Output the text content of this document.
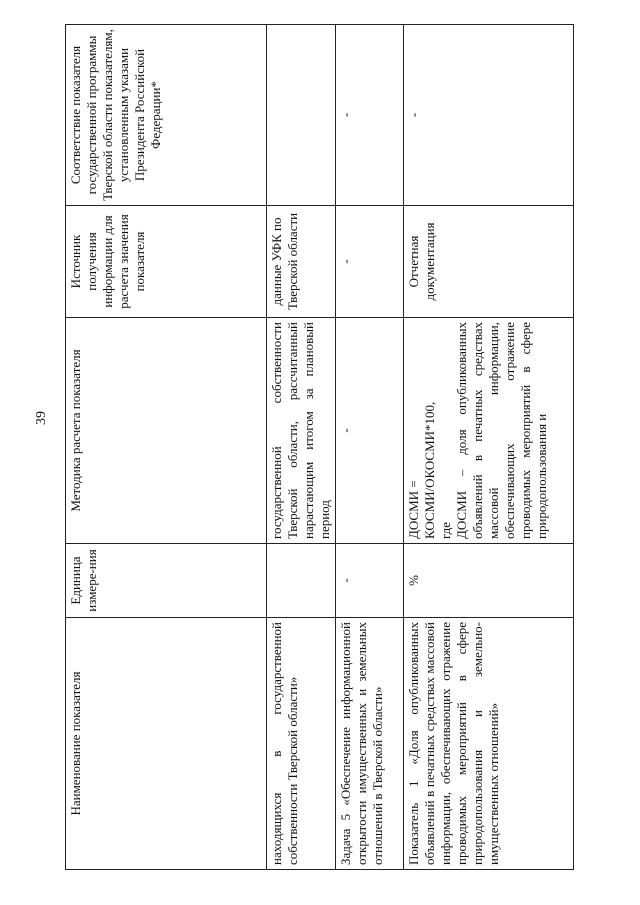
39
Наименование показателя	Единица измере-ния	Методика расчета показателя	Источник получения информации для расчета значения показателя	Соответствие показателя государственной программы Тверской области показателям, установленным указами Президента Российской Федерации*
находящихся в государственной собственности Тверской области»		государственной собственности Тверской области, рассчитанный нарастающим итогом за плановый период	данные УФК по Тверской области	
Задача 5 «Обеспечение информационной открытости имущественных и земельных отношений в Тверской области»	-	-	-	-
Показатель 1 «Доля опубликованных объявлений в печатных средствах массовой информации, обеспечивающих отражение проводимых мероприятий в сфере природопользования и земельно-имущественных отношений»	%	ДОСМИ =
КОСМИ/ОКОСМИ*100,
где ДОСМИ – доля опубликованных объявлений в печатных средствах массовой информации, обеспечивающих отражение проводимых мероприятий в сфере природопользования и	Отчетная документация	-
